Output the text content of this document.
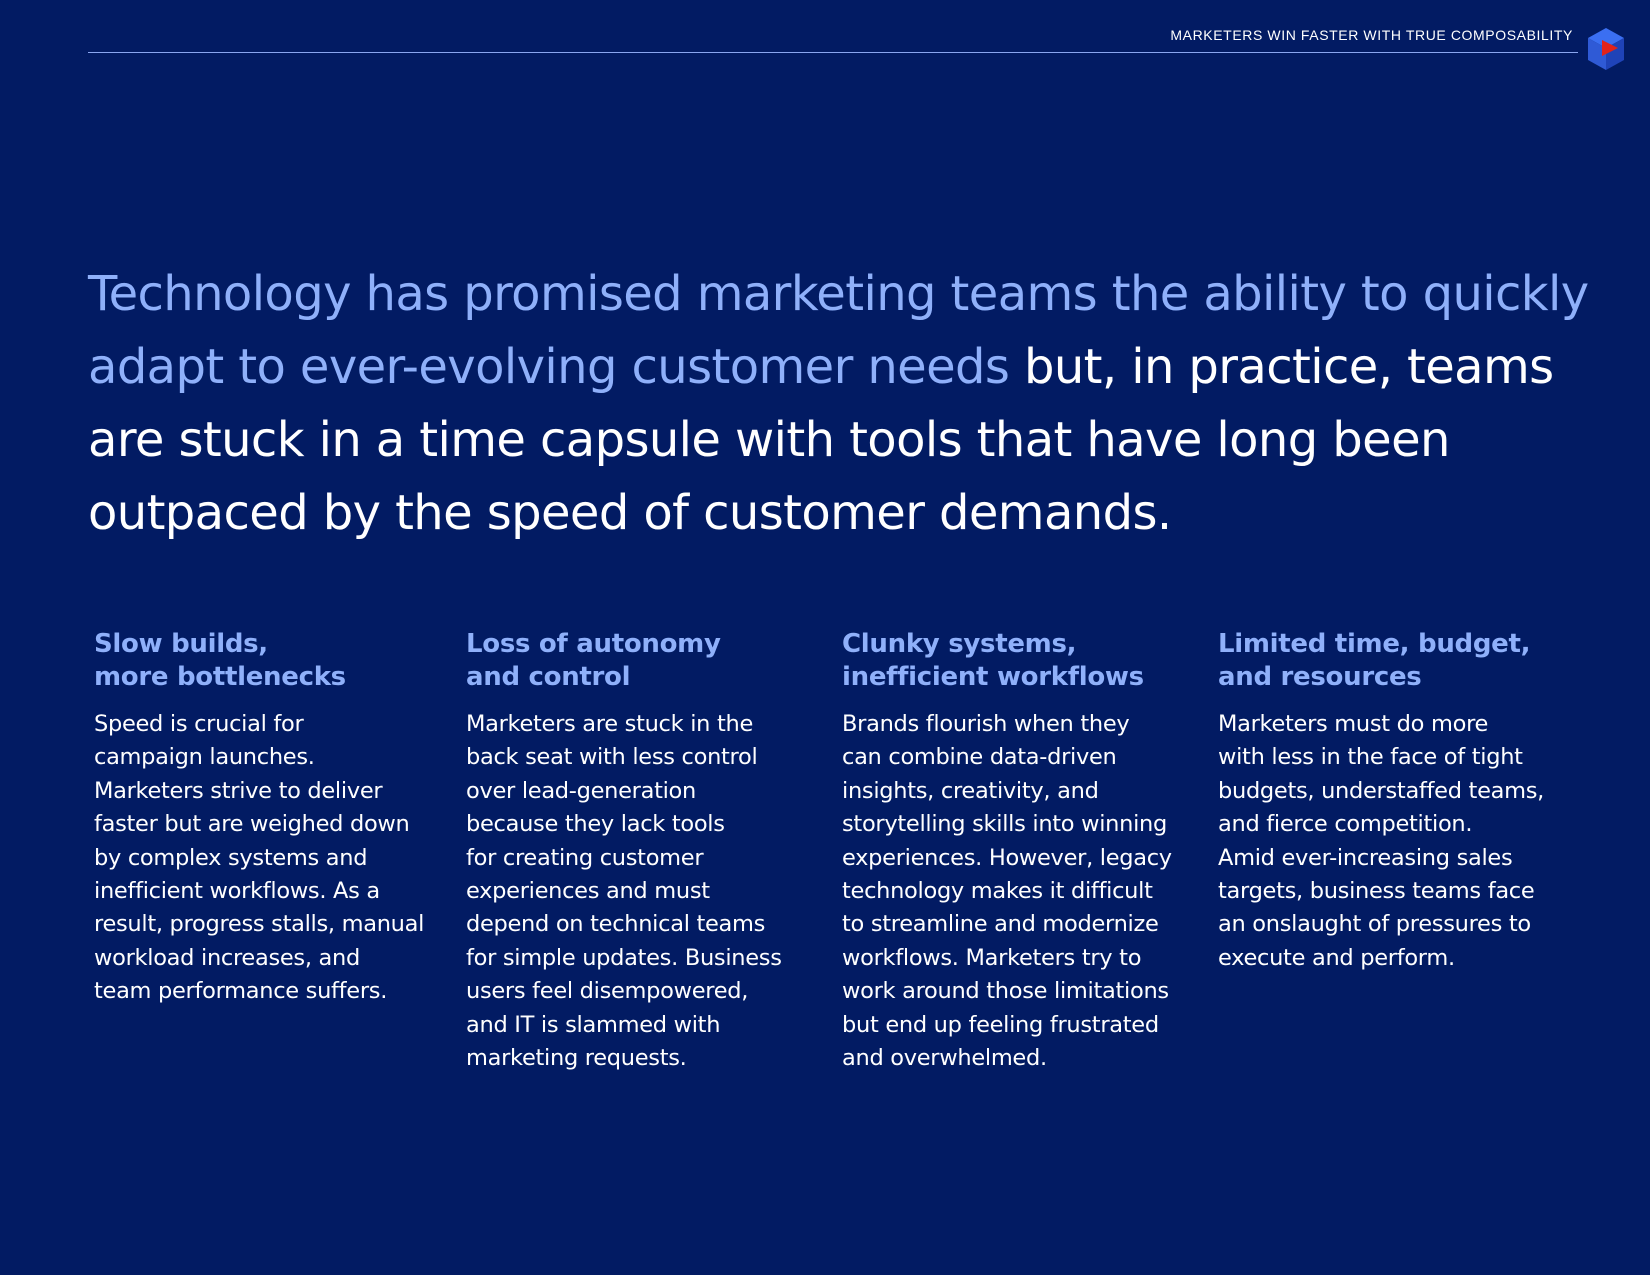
MARKETERS WIN FASTER WITH TRUE COMPOSABILITY
Technology has promised marketing teams the ability to quickly
adapt to ever-evolving customer needs but, in practice, teams
are stuck in a time capsule with tools that have long been
outpaced by the speed of customer demands.
Slow builds,
more bottlenecks

Speed is crucial for
campaign launches.
Marketers strive to deliver
faster but are weighed down
by complex systems and
inefficient workflows. As a
result, progress stalls, manual
workload increases, and
team performance suffers.

Loss of autonomy
and control

Marketers are stuck in the
back seat with less control
over lead-generation
because they lack tools
for creating customer
experiences and must
depend on technical teams
for simple updates. Business
users feel disempowered,
and IT is slammed with
marketing requests.

Clunky systems,
inefficient workflows

Brands flourish when they
can combine data-driven
insights, creativity, and
storytelling skills into winning
experiences. However, legacy
technology makes it difficult
to streamline and modernize
workflows. Marketers try to
work around those limitations
but end up feeling frustrated
and overwhelmed.

Limited time, budget,
and resources

Marketers must do more
with less in the face of tight
budgets, understaffed teams,
and fierce competition.
Amid ever-increasing sales
targets, business teams face
an onslaught of pressures to
execute and perform.
